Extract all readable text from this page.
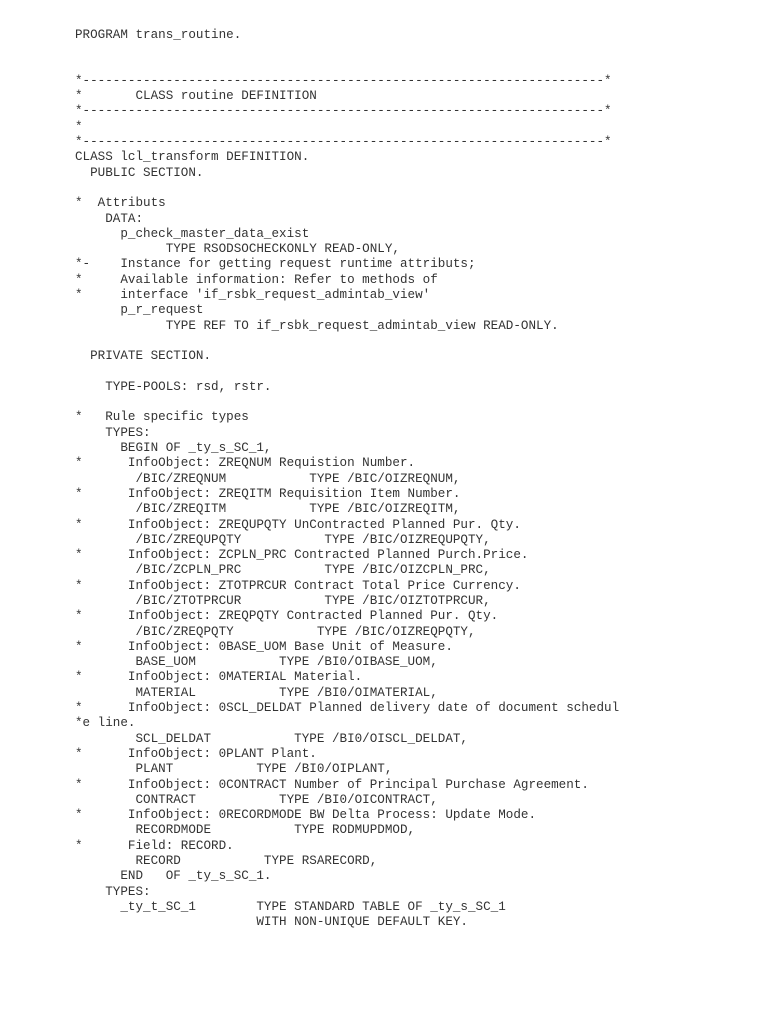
PROGRAM trans_routine.
*---------------------------------------------------------------------*
*       CLASS routine DEFINITION
*---------------------------------------------------------------------*
*
*---------------------------------------------------------------------*
CLASS lcl_transform DEFINITION.
PUBLIC SECTION.
*  Attributs
DATA:
p_check_master_data_exist
TYPE RSODSOCHECKONLY READ-ONLY,
*-    Instance for getting request runtime attributs;
*     Available information: Refer to methods of
*     interface 'if_rsbk_request_admintab_view'
p_r_request
TYPE REF TO if_rsbk_request_admintab_view READ-ONLY.
PRIVATE SECTION.
TYPE-POOLS: rsd, rstr.
*   Rule specific types
TYPES:
BEGIN OF _ty_s_SC_1,
*      InfoObject: ZREQNUM Requistion Number.
/BIC/ZREQNUM           TYPE /BIC/OIZREQNUM,
*      InfoObject: ZREQITM Requisition Item Number.
/BIC/ZREQITM           TYPE /BIC/OIZREQITM,
*      InfoObject: ZREQUPQTY UnContracted Planned Pur. Qty.
/BIC/ZREQUPQTY           TYPE /BIC/OIZREQUPQTY,
*      InfoObject: ZCPLN_PRC Contracted Planned Purch.Price.
/BIC/ZCPLN_PRC           TYPE /BIC/OIZCPLN_PRC,
*      InfoObject: ZTOTPRCUR Contract Total Price Currency.
/BIC/ZTOTPRCUR           TYPE /BIC/OIZTOTPRCUR,
*      InfoObject: ZREQPQTY Contracted Planned Pur. Qty.
/BIC/ZREQPQTY           TYPE /BIC/OIZREQPQTY,
*      InfoObject: 0BASE_UOM Base Unit of Measure.
BASE_UOM           TYPE /BI0/OIBASE_UOM,
*      InfoObject: 0MATERIAL Material.
MATERIAL           TYPE /BI0/OIMATERIAL,
*      InfoObject: 0SCL_DELDAT Planned delivery date of document schedul
*e line.
SCL_DELDAT           TYPE /BI0/OISCL_DELDAT,
*      InfoObject: 0PLANT Plant.
PLANT           TYPE /BI0/OIPLANT,
*      InfoObject: 0CONTRACT Number of Principal Purchase Agreement.
CONTRACT           TYPE /BI0/OICONTRACT,
*      InfoObject: 0RECORDMODE BW Delta Process: Update Mode.
RECORDMODE           TYPE RODMUPDMOD,
*      Field: RECORD.
RECORD           TYPE RSARECORD,
END   OF _ty_s_SC_1.
TYPES:
_ty_t_SC_1        TYPE STANDARD TABLE OF _ty_s_SC_1
WITH NON-UNIQUE DEFAULT KEY.
